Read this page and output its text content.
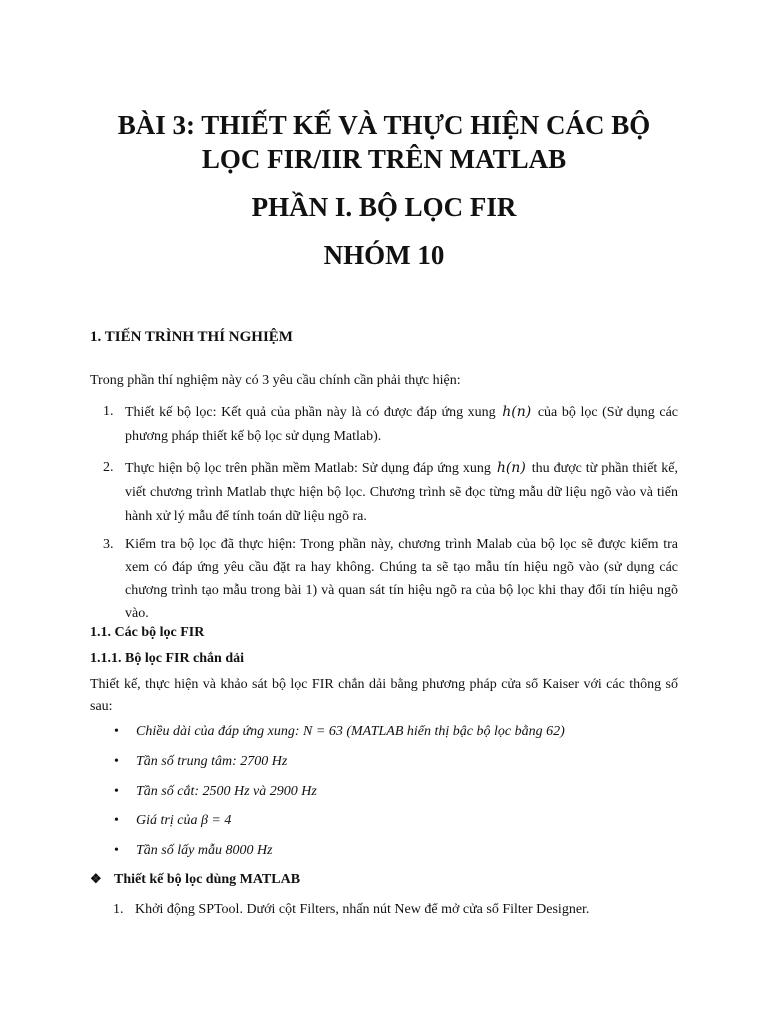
BÀI 3: THIẾT KẾ VÀ THỰC HIỆN CÁC BỘ
LỌC FIR/IIR TRÊN MATLAB
PHẦN I. BỘ LỌC FIR
NHÓM 10
1. TIẾN TRÌNH THÍ NGHIỆM

Trong phần thí nghiệm này có 3 yêu cầu chính cần phải thực hiện:

1. Thiết kế bộ lọc: Kết quả của phần này là có được đáp ứng xung h(n) của bộ lọc (Sử dụng các phương pháp thiết kế bộ lọc sử dụng Matlab).
2. Thực hiện bộ lọc trên phần mềm Matlab: Sử dụng đáp ứng xung h(n) thu được từ phần thiết kế, viết chương trình Matlab thực hiện bộ lọc. Chương trình sẽ đọc từng mẫu dữ liệu ngõ vào và tiến hành xử lý mẫu để tính toán dữ liệu ngõ ra.
3. Kiểm tra bộ lọc đã thực hiện: Trong phần này, chương trình Malab của bộ lọc sẽ được kiểm tra xem có đáp ứng yêu cầu đặt ra hay không. Chúng ta sẽ tạo mẫu tín hiệu ngõ vào (sử dụng các chương trình tạo mẫu trong bài 1) và quan sát tín hiệu ngõ ra của bộ lọc khi thay đổi tín hiệu ngõ vào.
1.1. Các bộ lọc FIR
1.1.1. Bộ lọc FIR chắn dải

Thiết kế, thực hiện và khảo sát bộ lọc FIR chắn dải bằng phương pháp cửa sổ Kaiser với các thông số sau:

• Chiều dài của đáp ứng xung: N = 63 (MATLAB hiển thị bậc bộ lọc bằng 62)
• Tần số trung tâm: 2700 Hz
• Tần số cắt: 2500 Hz và 2900 Hz
• Giá trị của β = 4
• Tần số lấy mẫu 8000 Hz
❖ Thiết kế bộ lọc dùng MATLAB
1. Khởi động SPTool. Dưới cột Filters, nhấn nút New để mở cửa sổ Filter Designer.
